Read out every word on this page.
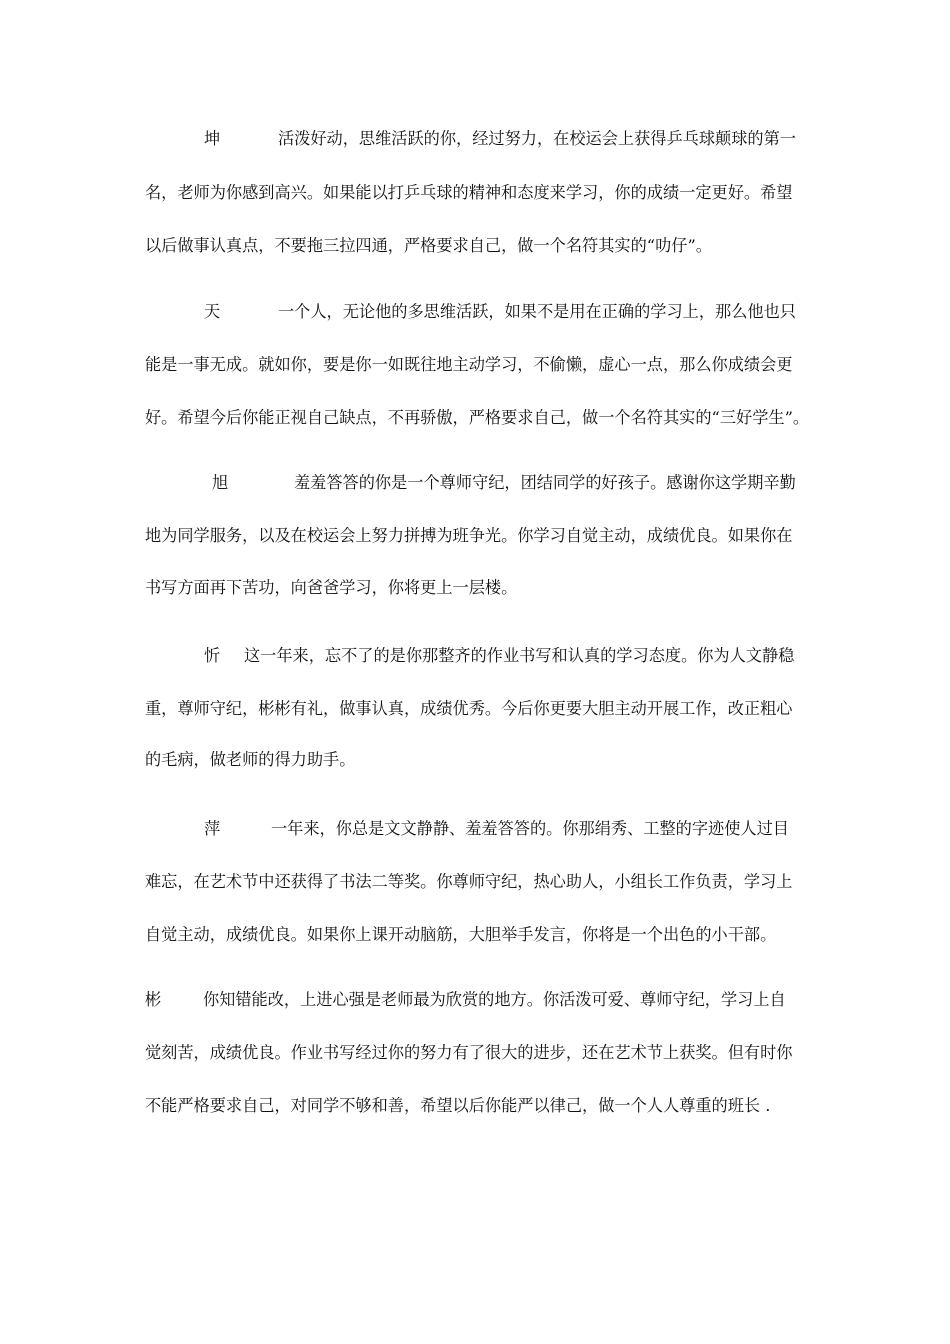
坤	活泼好动，思维活跃的你，经过努力，在校运会上获得乒乓球颠球的第一
名，老师为你感到高兴。如果能以打乒乓球的精神和态度来学习，你的成绩一定更好。希望
以后做事认真点，不要拖三拉四通，严格要求自己，做一个名符其实的“叻仔”。
天	一个人，无论他的多思维活跃，如果不是用在正确的学习上，那么他也只
能是一事无成。就如你，要是你一如既往地主动学习，不偷懒，虚心一点，那么你成绩会更
好。希望今后你能正视自己缺点，不再骄傲，严格要求自己，做一个名符其实的“三好学生”。
旭	羞羞答答的你是一个尊师守纪，团结同学的好孩子。感谢你这学期辛勤
地为同学服务，以及在校运会上努力拼搏为班争光。你学习自觉主动，成绩优良。如果你在
书写方面再下苦功，向爸爸学习，你将更上一层楼。
忻 这一年来，忘不了的是你那整齐的作业书写和认真的学习态度。你为人文静稳
重，尊师守纪，彬彬有礼，做事认真，成绩优秀。今后你更要大胆主动开展工作，改正粗心
的毛病，做老师的得力助手。
萍	一年来，你总是文文静静、羞羞答答的。你那绢秀、工整的字迹使人过目
难忘，在艺术节中还获得了书法二等奖。你尊师守纪，热心助人，小组长工作负责，学习上
自觉主动，成绩优良。如果你上课开动脑筋，大胆举手发言，你将是一个出色的小干部。
彬	你知错能改，上进心强是老师最为欣赏的地方。你活泼可爱、尊师守纪，学习上自
觉刻苦，成绩优良。作业书写经过你的努力有了很大的进步，还在艺术节上获奖。但有时你
不能严格要求自己，对同学不够和善，希望以后你能严以律己，做一个人人尊重的班长 .
